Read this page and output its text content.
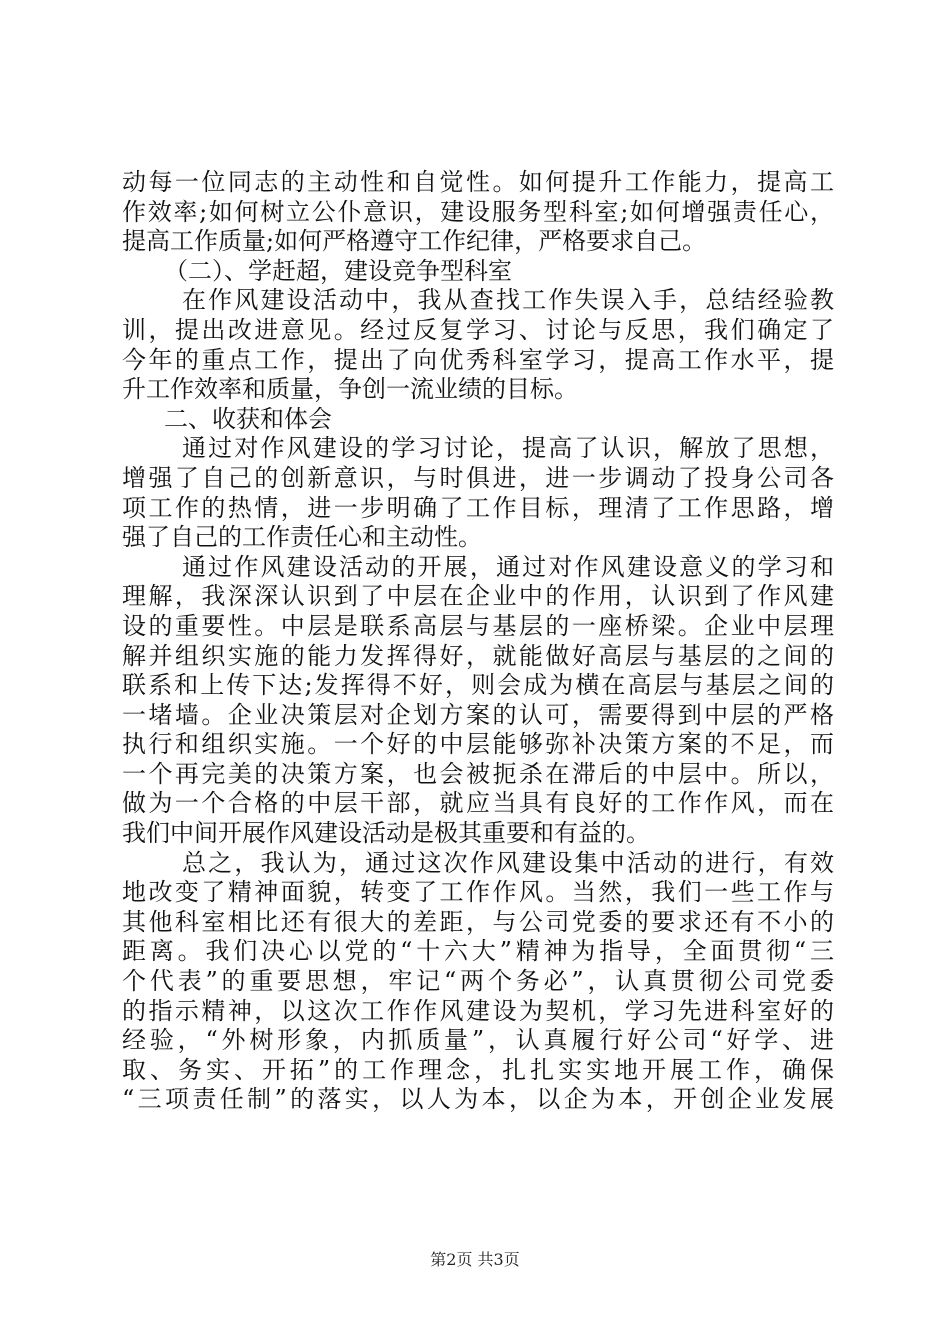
动每一位同志的主动性和自觉性。如何提升工作能力，提高工
作效率;如何树立公仆意识，建设服务型科室;如何增强责任心，
提高工作质量;如何严格遵守工作纪律，严格要求自己。
（二）、学赶超，建设竞争型科室
在作风建设活动中，我从查找工作失误入手，总结经验教
训，提出改进意见。经过反复学习、讨论与反思，我们确定了
今年的重点工作，提出了向优秀科室学习，提高工作水平，提
升工作效率和质量，争创一流业绩的目标。
二、收获和体会
通过对作风建设的学习讨论，提高了认识，解放了思想，
增强了自己的创新意识，与时俱进，进一步调动了投身公司各
项工作的热情，进一步明确了工作目标，理清了工作思路，增
强了自己的工作责任心和主动性。
通过作风建设活动的开展，通过对作风建设意义的学习和
理解，我深深认识到了中层在企业中的作用，认识到了作风建
设的重要性。中层是联系高层与基层的一座桥梁。企业中层理
解并组织实施的能力发挥得好，就能做好高层与基层的之间的
联系和上传下达;发挥得不好，则会成为横在高层与基层之间的
一堵墙。企业决策层对企划方案的认可，需要得到中层的严格
执行和组织实施。一个好的中层能够弥补决策方案的不足，而
一个再完美的决策方案，也会被扼杀在滞后的中层中。所以，
做为一个合格的中层干部，就应当具有良好的工作作风，而在
我们中间开展作风建设活动是极其重要和有益的。
总之，我认为，通过这次作风建设集中活动的进行，有效
地改变了精神面貌，转变了工作作风。当然，我们一些工作与
其他科室相比还有很大的差距，与公司党委的要求还有不小的
距离。我们决心以党的“十六大”精神为指导，全面贯彻“三
个代表”的重要思想，牢记“两个务必”，认真贯彻公司党委
的指示精神，以这次工作作风建设为契机，学习先进科室好的
经验，“外树形象，内抓质量”，认真履行好公司“好学、进
取、务实、开拓”的工作理念，扎扎实实地开展工作，确保
“三项责任制”的落实，以人为本，以企为本，开创企业发展
第2页 共3页
